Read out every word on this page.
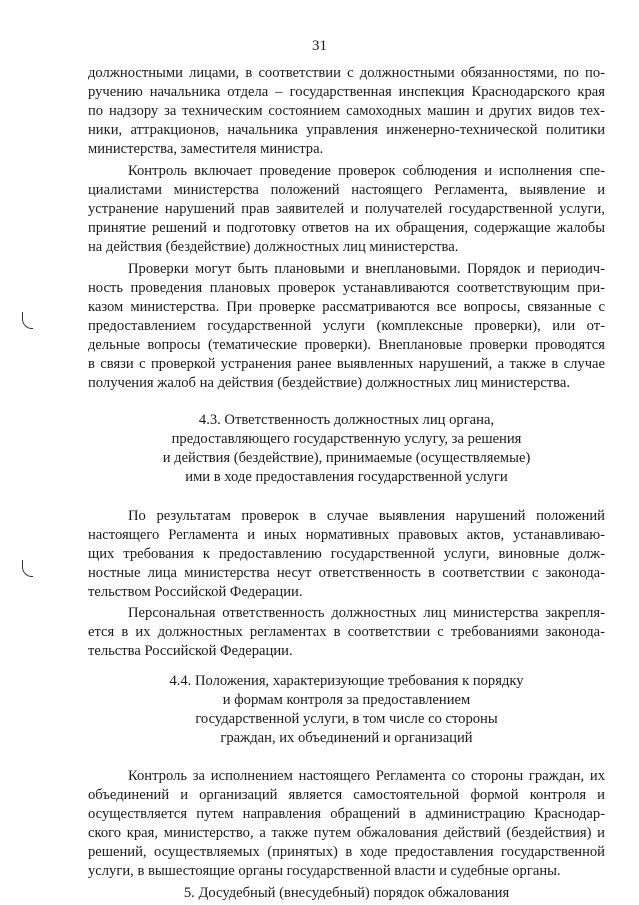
31
должностными лицами, в соответствии с должностными обязанностями, по по-
ручению начальника отдела – государственная инспекция Краснодарского края
по надзору за техническим состоянием самоходных машин и других видов тех-
ники, аттракционов, начальника управления инженерно-технической политики
министерства, заместителя министра.
Контроль включает проведение проверок соблюдения и исполнения спе-
циалистами министерства положений настоящего Регламента, выявление и
устранение нарушений прав заявителей и получателей государственной услуги,
принятие решений и подготовку ответов на их обращения, содержащие жалобы
на действия (бездействие) должностных лиц министерства.
Проверки могут быть плановыми и внеплановыми. Порядок и периодич-
ность проведения плановых проверок устанавливаются соответствующим при-
казом министерства. При проверке рассматриваются все вопросы, связанные с
предоставлением государственной услуги (комплексные проверки), или от-
дельные вопросы (тематические проверки). Внеплановые проверки проводятся
в связи с проверкой устранения ранее выявленных нарушений, а также в случае
получения жалоб на действия (бездействие) должностных лиц министерства.
4.3. Ответственность должностных лиц органа,
предоставляющего государственную услугу, за решения
и действия (бездействие), принимаемые (осуществляемые)
ими в ходе предоставления государственной услуги
По результатам проверок в случае выявления нарушений положений
настоящего Регламента и иных нормативных правовых актов, устанавливаю-
щих требования к предоставлению государственной услуги, виновные долж-
ностные лица министерства несут ответственность в соответствии с законода-
тельством Российской Федерации.
Персональная ответственность должностных лиц министерства закрепля-
ется в их должностных регламентах в соответствии с требованиями законода-
тельства Российской Федерации.
4.4. Положения, характеризующие требования к порядку
и формам контроля за предоставлением
государственной услуги, в том числе со стороны
граждан, их объединений и организаций
Контроль за исполнением настоящего Регламента со стороны граждан, их
объединений и организаций является самостоятельной формой контроля и
осуществляется путем направления обращений в администрацию Краснодар-
ского края, министерство, а также путем обжалования действий (бездействия) и
решений, осуществляемых (принятых) в ходе предоставления государственной
услуги, в вышестоящие органы государственной власти и судебные органы.
5. Досудебный (внесудебный) порядок обжалования
